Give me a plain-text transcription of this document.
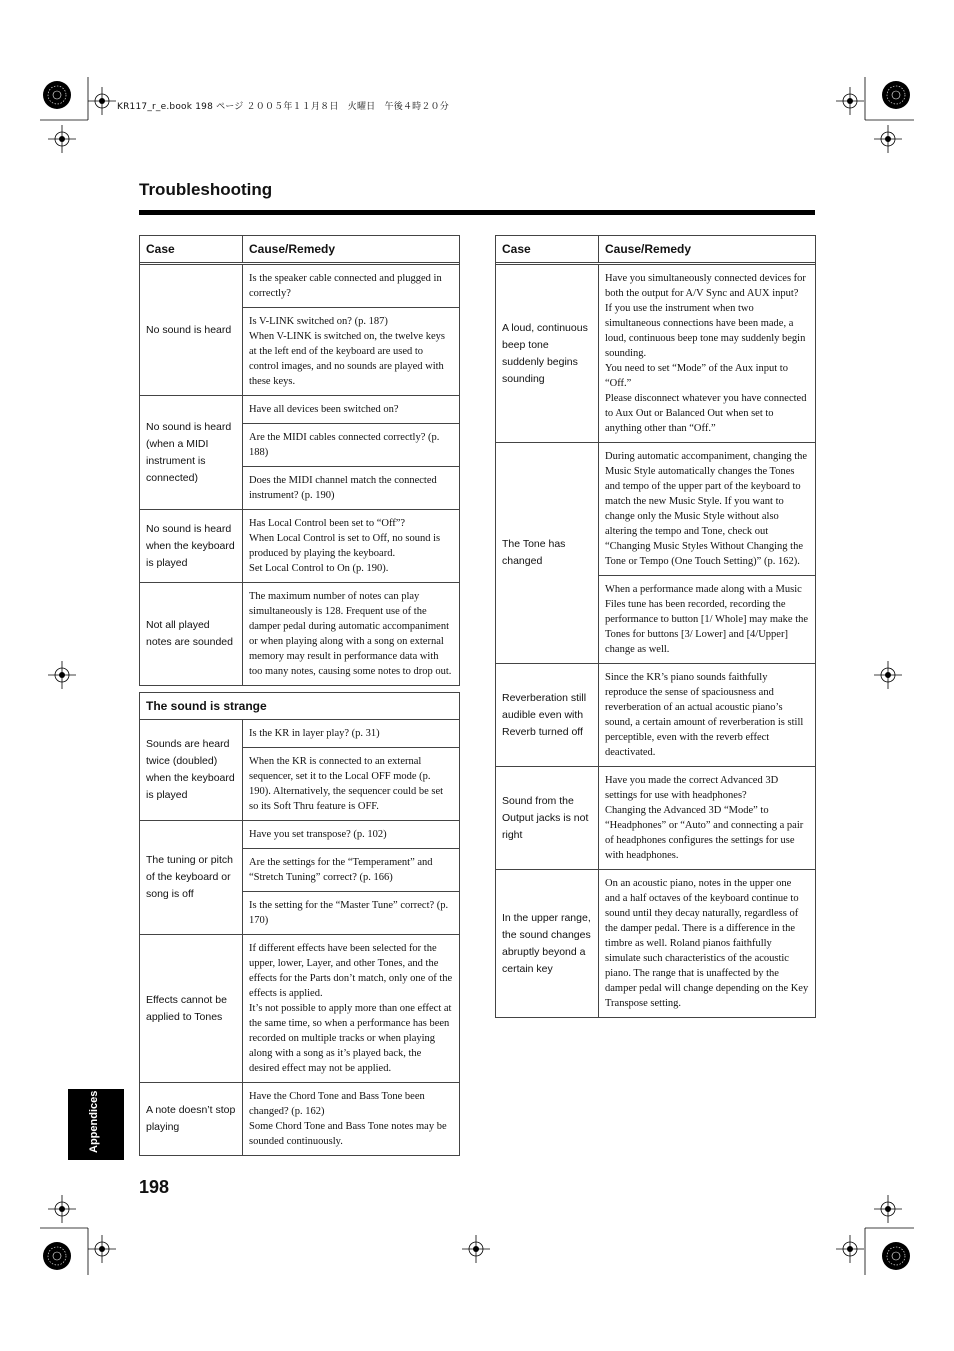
KR117_r_e.book 198 ページ ２００５年１１月８日　火曜日　午後４時２０分
Troubleshooting
Case	Cause/Remedy

No sound is heard	Is the speaker cable connected and plugged in correctly?
	Is V-LINK switched on? (p. 187)
When V-LINK is switched on, the twelve keys at the left end of the keyboard are used to control images, and no sounds are played with these keys.
No sound is heard (when a MIDI instrument is connected)	Have all devices been switched on?
	Are the MIDI cables connected correctly? (p. 188)
	Does the MIDI channel match the connected instrument? (p. 190)
No sound is heard when the keyboard is played	Has Local Control been set to “Off”?
When Local Control is set to Off, no sound is produced by playing the keyboard.
Set Local Control to On (p. 190).
Not all played notes are sounded	The maximum number of notes can play simultaneously is 128. Frequent use of the damper pedal during automatic accompaniment or when playing along with a song on external memory may result in performance data with too many notes, causing some notes to drop out.
The sound is strange	
Sounds are heard twice (doubled) when the keyboard is played	Is the KR in layer play? (p. 31)
	When the KR is connected to an external sequencer, set it to the Local OFF mode (p. 190). Alternatively, the sequencer could be set so its Soft Thru feature is OFF.
The tuning or pitch of the keyboard or song is off	Have you set transpose? (p. 102)
	Are the settings for the “Temperament” and “Stretch Tuning” correct? (p. 166)
	Is the setting for the “Master Tune” correct? (p. 170)
Effects cannot be applied to Tones	If different effects have been selected for the upper, lower, Layer, and other Tones, and the effects for the Parts don’t match, only one of the effects is applied.
It’s not possible to apply more than one effect at the same time, so when a performance has been recorded on multiple tracks or when playing along with a song as it’s played back, the desired effect may not be applied.
A note doesn’t stop playing	Have the Chord Tone and Bass Tone been changed? (p. 162)
Some Chord Tone and Bass Tone notes may be sounded continuously.
Case	Cause/Remedy

A loud, continuous beep tone suddenly begins sounding	Have you simultaneously connected devices for both the output for A/V Sync and AUX input?
If you use the instrument when two simultaneous connections have been made, a loud, continuous beep tone may suddenly begin sounding.
You need to set “Mode” of the Aux input to “Off.”
Please disconnect whatever you have connected to Aux Out or Balanced Out when set to anything other than “Off.”
The Tone has changed	During automatic accompaniment, changing the Music Style automatically changes the Tones and tempo of the upper part of the keyboard to match the new Music Style. If you want to change only the Music Style without also altering the tempo and Tone, check out “Changing Music Styles Without Changing the Tone or Tempo (One Touch Setting)” (p. 162).
	When a performance made along with a Music Files tune has been recorded, recording the performance to button [1/ Whole] may make the Tones for buttons [3/ Lower] and [4/Upper] change as well.
Reverberation still audible even with Reverb turned off	Since the KR’s piano sounds faithfully reproduce the sense of spaciousness and reverberation of an actual acoustic piano’s sound, a certain amount of reverberation is still perceptible, even with the reverb effect deactivated.
Sound from the Output jacks is not right	Have you made the correct Advanced 3D settings for use with headphones?
Changing the Advanced 3D “Mode” to “Headphones” or “Auto” and connecting a pair of headphones configures the settings for use with headphones.
In the upper range, the sound changes abruptly beyond a certain key	On an acoustic piano, notes in the upper one and a half octaves of the keyboard continue to sound until they decay naturally, regardless of the damper pedal. There is a difference in the timbre as well. Roland pianos faithfully simulate such characteristics of the acoustic piano. The range that is unaffected by the damper pedal will change depending on the Key Transpose setting.
Appendices
198
